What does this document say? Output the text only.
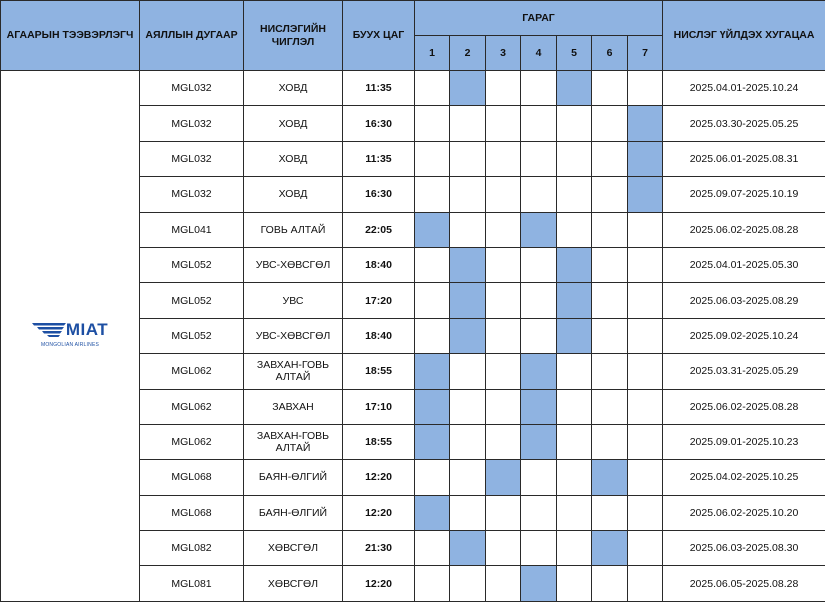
АГААРЫН ТЭЭВЭРЛЭГЧ	АЯЛЛЫН ДУГААР	НИСЛЭГИЙН ЧИГЛЭЛ	БУУХ ЦАГ	ГАРАГ							НИСЛЭГ ҮЙЛДЭХ ХУГАЦАА
				1	2	3	4	5	6	7	

MIAT
MONGOLIAN AIRLINES	MGL032	ХОВД	11:35								2025.04.01-2025.10.24
	MGL032	ХОВД	16:30								2025.03.30-2025.05.25
	MGL032	ХОВД	11:35								2025.06.01-2025.08.31
	MGL032	ХОВД	16:30								2025.09.07-2025.10.19
	MGL041	ГОВЬ АЛТАЙ	22:05								2025.06.02-2025.08.28
	MGL052	УВС-ХӨВСГӨЛ	18:40								2025.04.01-2025.05.30
	MGL052	УВС	17:20								2025.06.03-2025.08.29
	MGL052	УВС-ХӨВСГӨЛ	18:40								2025.09.02-2025.10.24
	MGL062	ЗАВХАН-ГОВЬ АЛТАЙ	18:55								2025.03.31-2025.05.29
	MGL062	ЗАВХАН	17:10								2025.06.02-2025.08.28
	MGL062	ЗАВХАН-ГОВЬ АЛТАЙ	18:55								2025.09.01-2025.10.23
	MGL068	БАЯН-ӨЛГИЙ	12:20								2025.04.02-2025.10.25
	MGL068	БАЯН-ӨЛГИЙ	12:20								2025.06.02-2025.10.20
	MGL082	ХӨВСГӨЛ	21:30								2025.06.03-2025.08.30
	MGL081	ХӨВСГӨЛ	12:20								2025.06.05-2025.08.28
